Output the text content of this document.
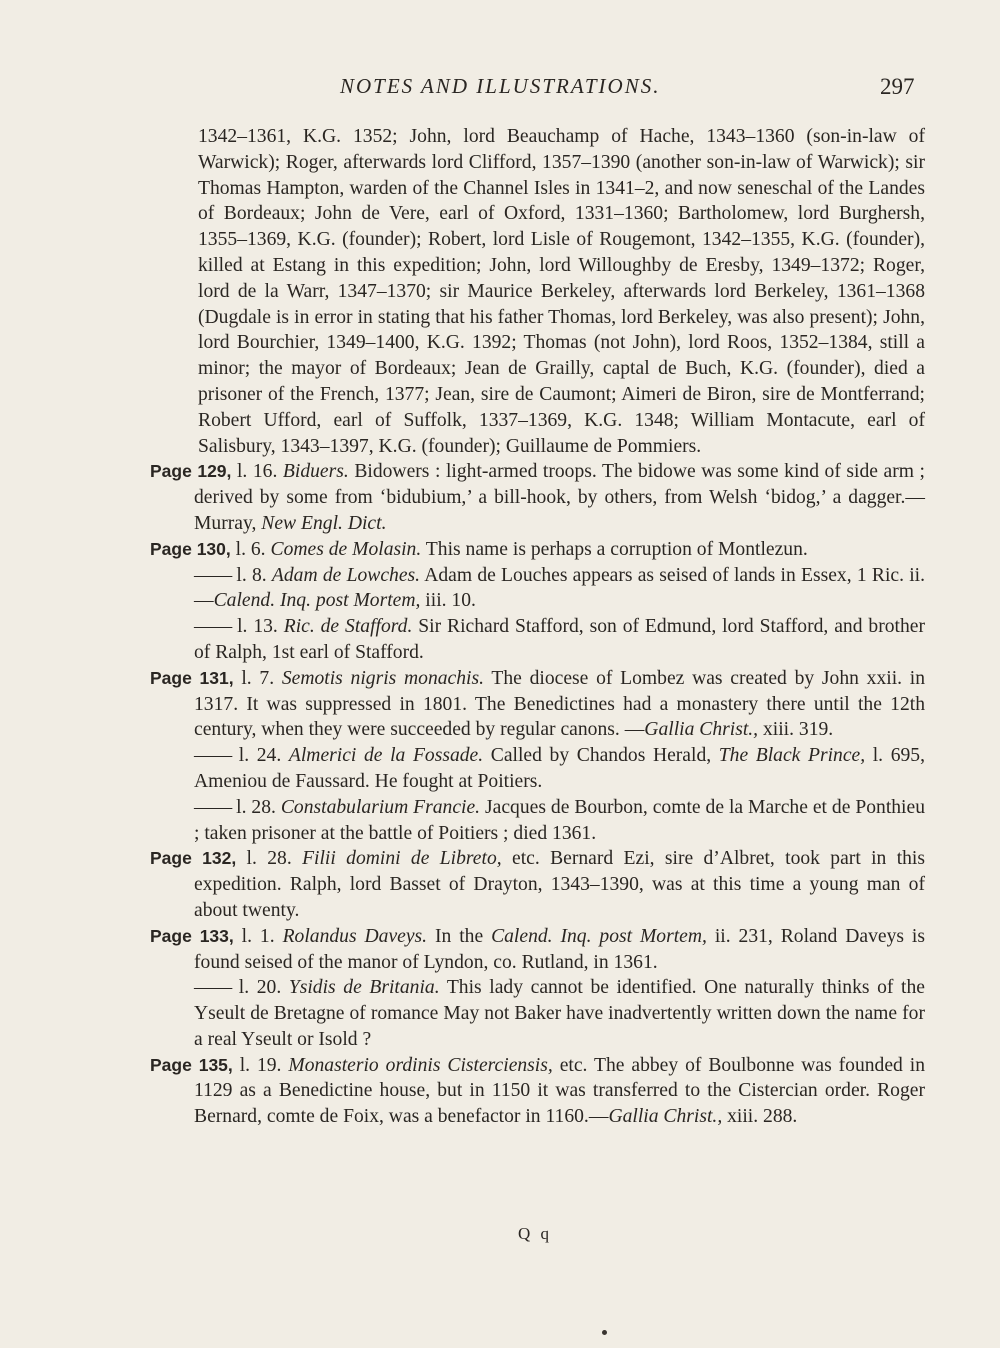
NOTES AND ILLUSTRATIONS.	297

1342–1361, K.G. 1352; John, lord Beauchamp of Hache, 1343–1360 (son-in-law of Warwick); Roger, afterwards lord Clifford, 1357–1390 (another son-in-law of Warwick); sir Thomas Hampton, warden of the Channel Isles in 1341–2, and now seneschal of the Landes of Bordeaux; John de Vere, earl of Oxford, 1331–1360; Bartholomew, lord Burghersh, 1355–1369, K.G. (founder); Robert, lord Lisle of Rougemont, 1342–1355, K.G. (founder), killed at Estang in this expedition; John, lord Willoughby de Eresby, 1349–1372; Roger, lord de la Warr, 1347–1370; sir Maurice Berkeley, afterwards lord Berkeley, 1361–1368 (Dugdale is in error in stating that his father Thomas, lord Berkeley, was also present); John, lord Bourchier, 1349–1400, K.G. 1392; Thomas (not John), lord Roos, 1352–1384, still a minor; the mayor of Bordeaux; Jean de Grailly, captal de Buch, K.G. (founder), died a prisoner of the French, 1377; Jean, sire de Caumont; Aimeri de Biron, sire de Montferrand; Robert Ufford, earl of Suffolk, 1337–1369, K.G. 1348; William Montacute, earl of Salisbury, 1343–1397, K.G. (founder); Guillaume de Pommiers.

Page 129, l. 16. Biduers. Bidowers : light-armed troops. The bidowe was some kind of side arm ; derived by some from ‘bidubium,’ a bill-hook, by others, from Welsh ‘bidog,’ a dagger.—Murray, New Engl. Dict.

Page 130, l. 6. Comes de Molasin. This name is perhaps a corruption of Montlezun.

—— l. 8. Adam de Lowches. Adam de Louches appears as seised of lands in Essex, 1 Ric. ii.—Calend. Inq. post Mortem, iii. 10.

—— l. 13. Ric. de Stafford. Sir Richard Stafford, son of Edmund, lord Stafford, and brother of Ralph, 1st earl of Stafford.

Page 131, l. 7. Semotis nigris monachis. The diocese of Lombez was created by John xxii. in 1317. It was suppressed in 1801. The Benedictines had a monastery there until the 12th century, when they were succeeded by regular canons. —Gallia Christ., xiii. 319.

—— l. 24. Almerici de la Fossade. Called by Chandos Herald, The Black Prince, l. 695, Ameniou de Faussard. He fought at Poitiers.

—— l. 28. Constabularium Francie. Jacques de Bourbon, comte de la Marche et de Ponthieu ; taken prisoner at the battle of Poitiers ; died 1361.

Page 132, l. 28. Filii domini de Libreto, etc. Bernard Ezi, sire d’Albret, took part in this expedition. Ralph, lord Basset of Drayton, 1343–1390, was at this time a young man of about twenty.

Page 133, l. 1. Rolandus Daveys. In the Calend. Inq. post Mortem, ii. 231, Roland Daveys is found seised of the manor of Lyndon, co. Rutland, in 1361.

—— l. 20. Ysidis de Britania. This lady cannot be identified. One naturally thinks of the Yseult de Bretagne of romance May not Baker have inadvertently written down the name for a real Yseult or Isold ?

Page 135, l. 19. Monasterio ordinis Cisterciensis, etc. The abbey of Boulbonne was founded in 1129 as a Benedictine house, but in 1150 it was transferred to the Cistercian order. Roger Bernard, comte de Foix, was a benefactor in 1160.—Gallia Christ., xiii. 288.

Q q
